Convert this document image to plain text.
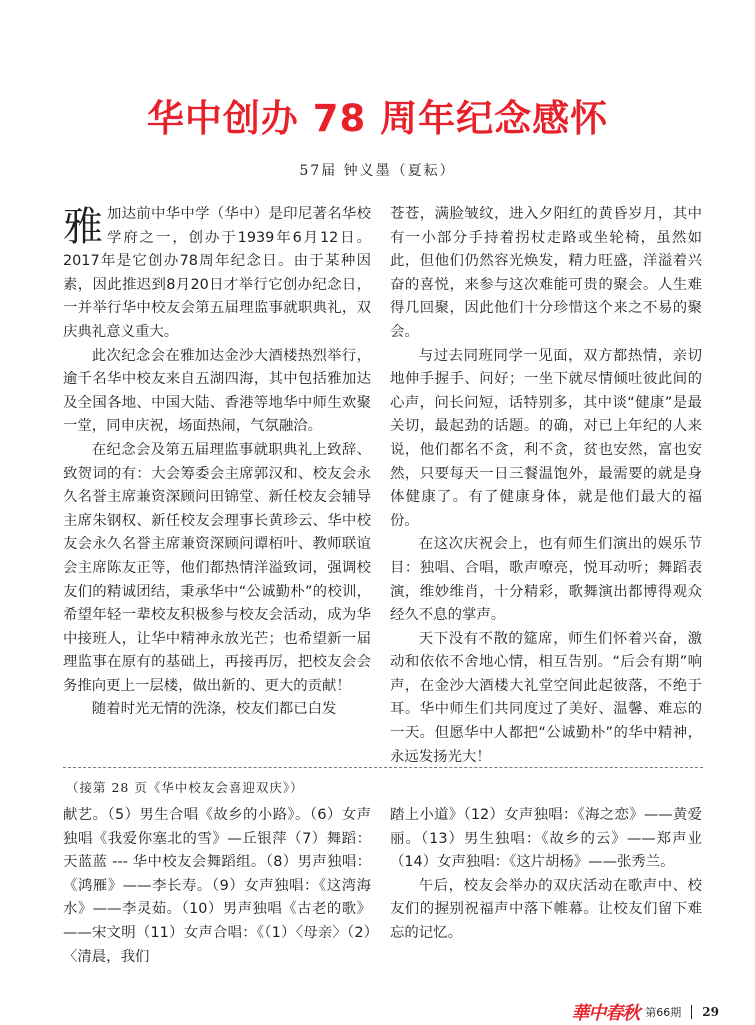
华中创办 78 周年纪念感怀
57届 钟义墨（夏耘）

雅加达前中华中学（华中）是印尼著名华校学府之一，创办于1939年6月12日。2017年是它创办78周年纪念日。由于某种因素，因此推迟到8月20日才举行它创办纪念日，一并举行华中校友会第五届理监事就职典礼，双庆典礼意义重大。

此次纪念会在雅加达金沙大酒楼热烈举行，逾千名华中校友来自五湖四海，其中包括雅加达及全国各地、中国大陆、香港等地华中师生欢聚一堂，同申庆祝，场面热闹，气氛融洽。

在纪念会及第五届理监事就职典礼上致辞、致贺词的有：大会筹委会主席郭汉和、校友会永久名誉主席兼资深顾问田锦堂、新任校友会辅导主席朱钢权、新任校友会理事长黄珍云、华中校友会永久名誉主席兼资深顾问谭栢叶、教师联谊会主席陈友正等，他们都热情洋溢致词，强调校友们的精诚团结，秉承华中“公诚勤朴”的校训，希望年轻一辈校友积极参与校友会活动，成为华中接班人，让华中精神永放光芒；也希望新一届理监事在原有的基础上，再接再厉，把校友会会务推向更上一层楼，做出新的、更大的贡献！

随着时光无情的洗涤，校友们都已白发

苍苍，满脸皱纹，进入夕阳红的黄昏岁月，其中有一小部分手持着拐杖走路或坐轮椅，虽然如此，但他们仍然容光焕发，精力旺盛，洋溢着兴奋的喜悦，来参与这次难能可贵的聚会。人生难得几回聚，因此他们十分珍惜这个来之不易的聚会。

与过去同班同学一见面，双方都热情，亲切地伸手握手、问好；一坐下就尽情倾吐彼此间的心声，问长问短，话特别多，其中谈“健康”是最关切，最起劲的话题。的确，对已上年纪的人来说，他们都名不贪，利不贪，贫也安然，富也安然，只要每天一日三餐温饱外，最需要的就是身体健康了。有了健康身体，就是他们最大的福份。

在这次庆祝会上，也有师生们演出的娱乐节目：独唱、合唱，歌声嘹亮，悦耳动听；舞蹈表演，维妙维肖，十分精彩，歌舞演出都博得观众经久不息的掌声。

天下没有不散的筵席，师生们怀着兴奋，激动和依依不舍地心情，相互告别。“后会有期”响声，在金沙大酒楼大礼堂空间此起彼落，不绝于耳。华中师生们共同度过了美好、温馨、难忘的一天。但愿华中人都把“公诚勤朴”的华中精神，永远发扬光大！

（接第 28 页《华中校友会喜迎双庆》）

献艺。（5）男生合唱《故乡的小路》。（6）女声独唱《我爱你塞北的雪》—丘银萍（7）舞蹈：天蓝蓝 --- 华中校友会舞蹈组。（8）男声独唱：《鸿雁》——李长寿。（9）女声独唱：《这湾海水》——李灵茹。（10）男声独唱《古老的歌》——宋文明（11）女声合唱：《（1）〈母亲〉（2）〈清晨，我们

踏上小道》（12）女声独唱：《海之恋》——黄爱丽。（13）男生独唱：《故乡的云》——郑声业（14）女声独唱：《这片胡杨》——张秀兰。

午后，校友会举办的双庆活动在歌声中、校友们的握别祝福声中落下帷幕。让校友们留下难忘的记忆。

華中春秋 第66期 29
